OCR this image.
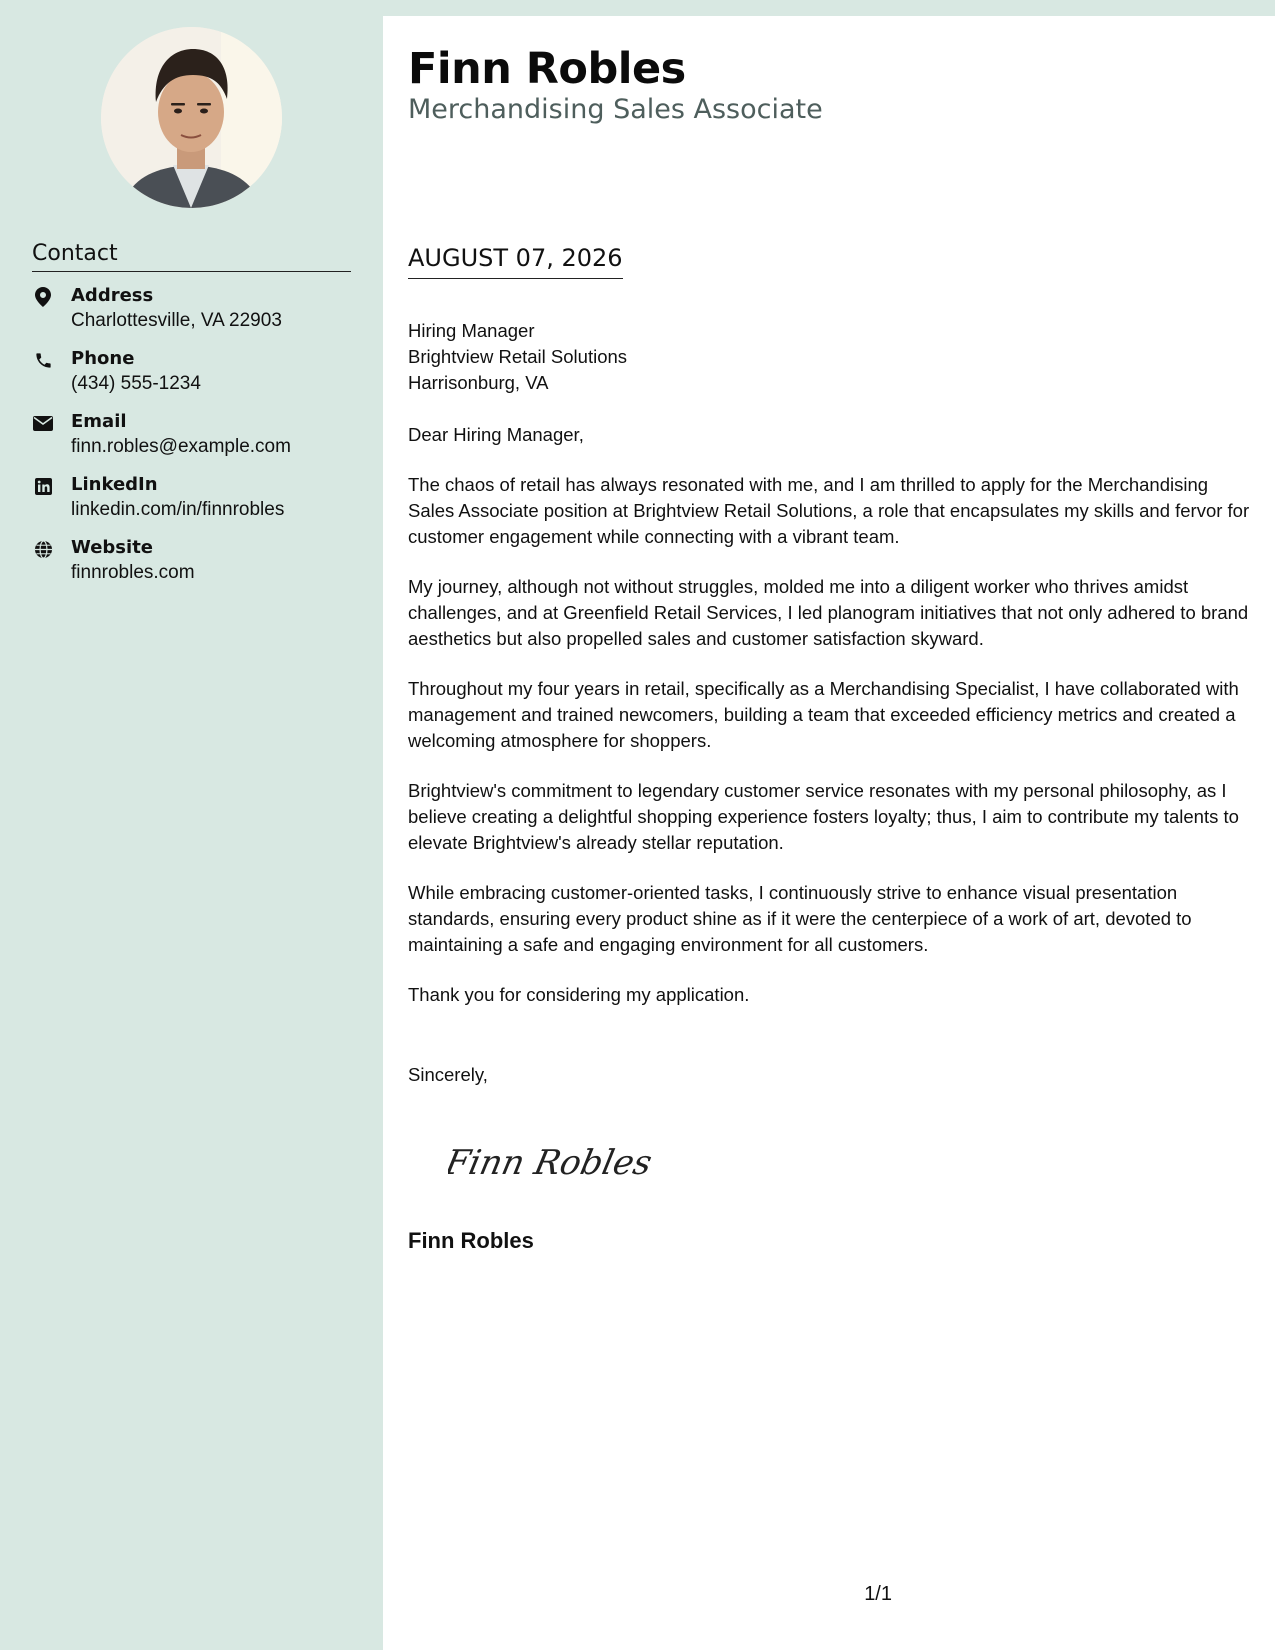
Contact
Address
Charlottesville, VA 22903
Phone
(434) 555-1234
Email
finn.robles@example.com
LinkedIn
linkedin.com/in/finnrobles
Website
finnrobles.com
Finn Robles
Merchandising Sales Associate
AUGUST 07, 2026

Hiring Manager

Brightview Retail Solutions

Harrisonburg, VA

Dear Hiring Manager,

The chaos of retail has always resonated with me, and I am thrilled to apply for the Merchandising Sales Associate position at Brightview Retail Solutions, a role that encapsulates my skills and fervor for customer engagement while connecting with a vibrant team.

My journey, although not without struggles, molded me into a diligent worker who thrives amidst challenges, and at Greenfield Retail Services, I led planogram initiatives that not only adhered to brand aesthetics but also propelled sales and customer satisfaction skyward.

Throughout my four years in retail, specifically as a Merchandising Specialist, I have collaborated with management and trained newcomers, building a team that exceeded efficiency metrics and created a welcoming atmosphere for shoppers.

Brightview's commitment to legendary customer service resonates with my personal philosophy, as I believe creating a delightful shopping experience fosters loyalty; thus, I aim to contribute my talents to elevate Brightview's already stellar reputation.

While embracing customer-oriented tasks, I continuously strive to enhance visual presentation standards, ensuring every product shine as if it were the centerpiece of a work of art, devoted to maintaining a safe and engaging environment for all customers.

Thank you for considering my application.

Sincerely,

Finn Robles
Finn Robles
1/1
